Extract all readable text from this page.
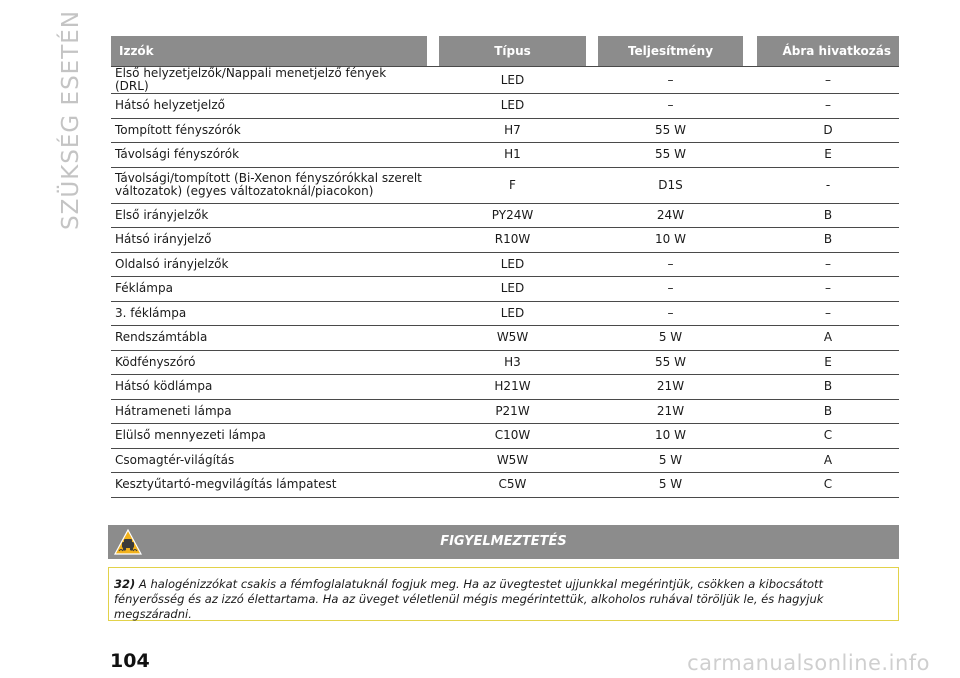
SZÜKSÉG ESETÉN	Izzók		Típus		Teljesítmény		Ábra hivatkozás
Első helyzetjelzők/Nappali menetjelző fények (DRL)		LED		–		–
Hátsó helyzetjelző		LED		–		–
Tompított fényszórók		H7		55 W		D
Távolsági fényszórók		H1		55 W		E
Távolsági/tompított (Bi-Xenon fényszórókkal szerelt változatok) (egyes változatoknál/piacokon)		F		D1S		-
Első irányjelzők		PY24W		24W		B
Hátsó irányjelző		R10W		10 W		B
Oldalsó irányjelzők		LED		–		–
Féklámpa		LED		–		–
3. féklámpa		LED		–		–
Rendszámtábla		W5W		5 W		A
Ködfényszóró		H3		55 W		E
Hátsó ködlámpa		H21W		21W		B
Hátrameneti lámpa		P21W		21W		B
Elülső mennyezeti lámpa		C10W		10 W		C
Csomagtér-világítás		W5W		5 W		A
Kesztyűtartó-megvilágítás lámpatest		C5W		5 W		C
FIGYELMEZTETÉS
32) A halogénizzókat csakis a fémfoglalatuknál fogjuk meg. Ha az üvegtestet ujjunkkal megérintjük, csökken a kibocsátott fényerősség és az izzó élettartama. Ha az üveget véletlenül mégis megérintettük, alkoholos ruhával töröljük le, és hagyjuk megszáradni.
104	carmanualsonline.info
